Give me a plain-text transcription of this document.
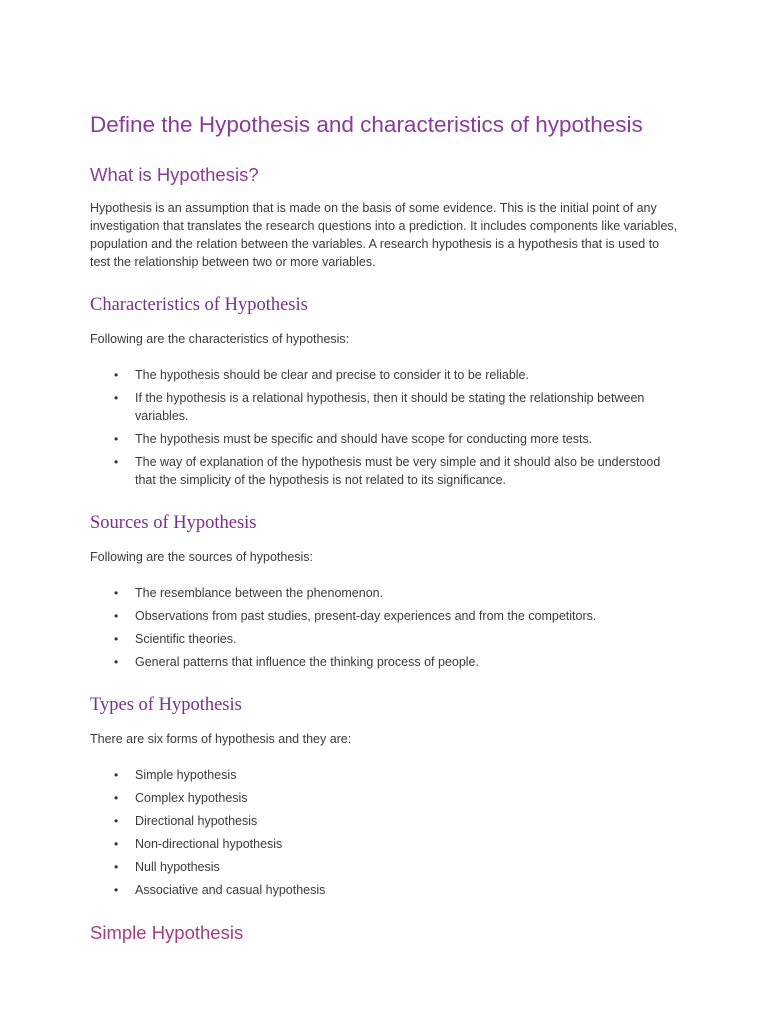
Define the Hypothesis and characteristics of hypothesis
What is Hypothesis?

Hypothesis is an assumption that is made on the basis of some evidence. This is the initial point of any investigation that translates the research questions into a prediction. It includes components like variables, population and the relation between the variables. A research hypothesis is a hypothesis that is used to test the relationship between two or more variables.

Characteristics of Hypothesis

Following are the characteristics of hypothesis:

• The hypothesis should be clear and precise to consider it to be reliable.
• If the hypothesis is a relational hypothesis, then it should be stating the relationship between variables.
• The hypothesis must be specific and should have scope for conducting more tests.
• The way of explanation of the hypothesis must be very simple and it should also be understood that the simplicity of the hypothesis is not related to its significance.
Sources of Hypothesis

Following are the sources of hypothesis:

• The resemblance between the phenomenon.
• Observations from past studies, present-day experiences and from the competitors.
• Scientific theories.
• General patterns that influence the thinking process of people.
Types of Hypothesis

There are six forms of hypothesis and they are:

• Simple hypothesis
• Complex hypothesis
• Directional hypothesis
• Non-directional hypothesis
• Null hypothesis
• Associative and casual hypothesis
Simple Hypothesis
